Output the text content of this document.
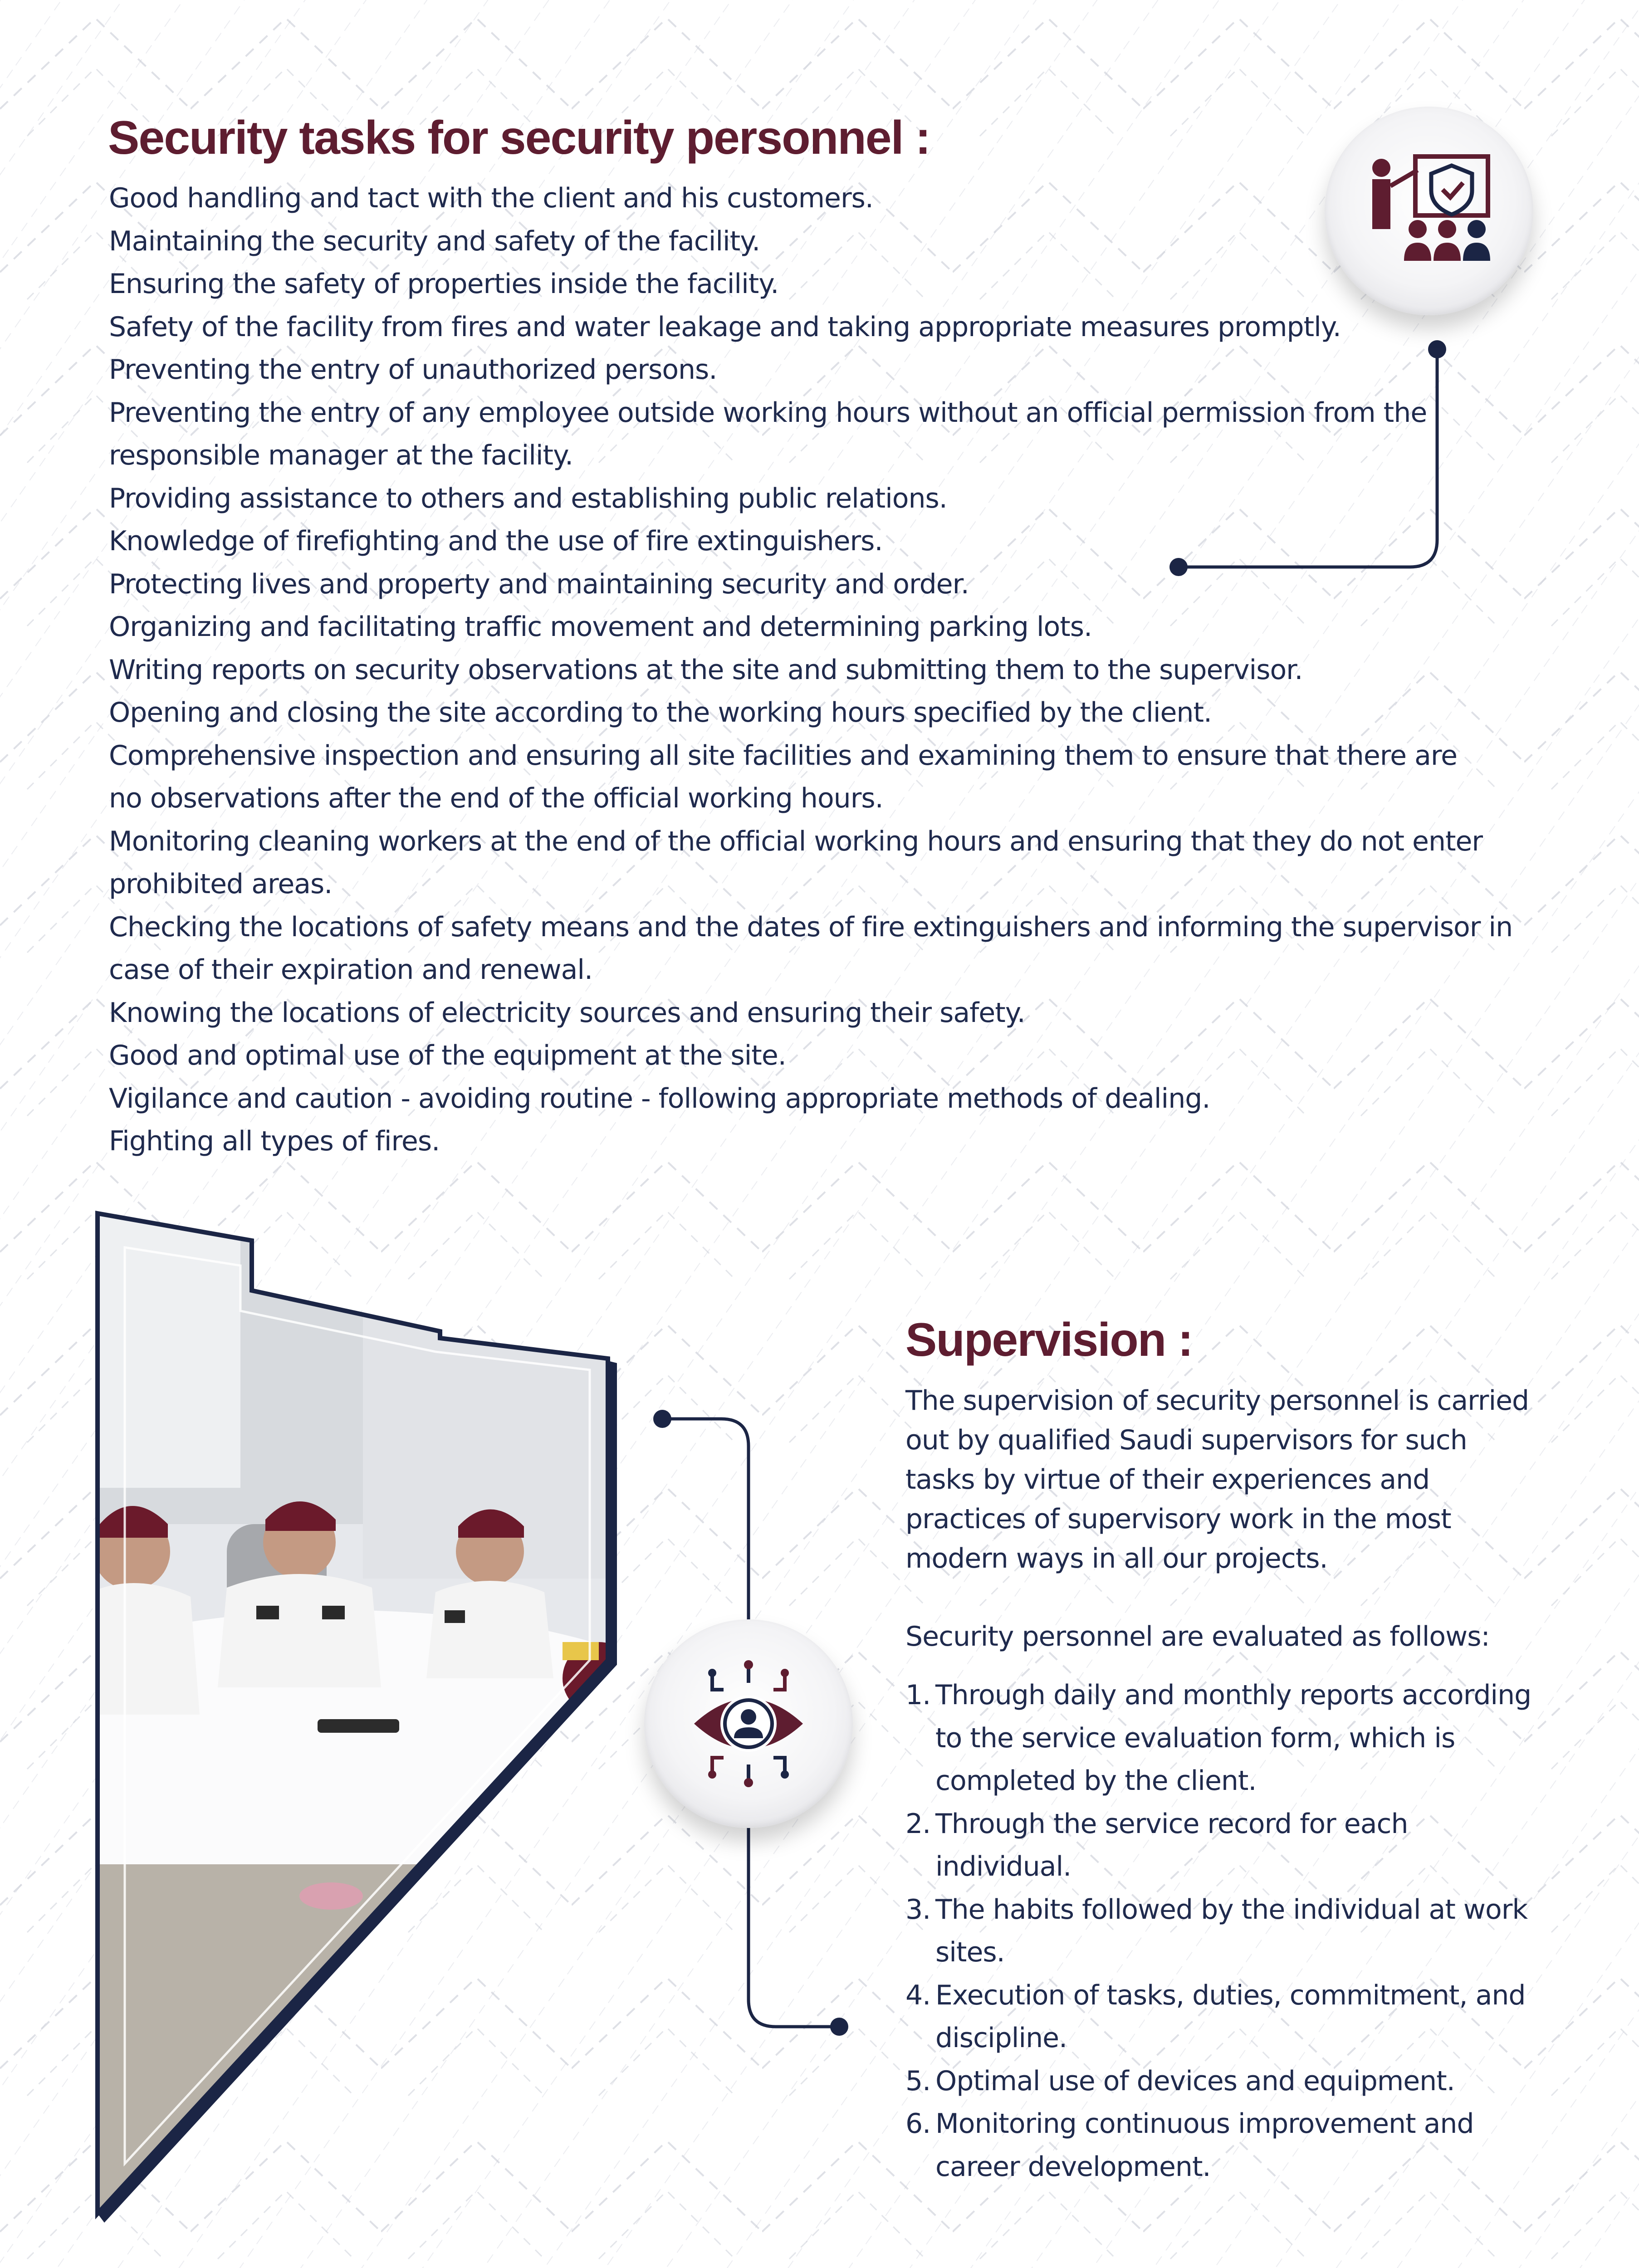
Security tasks for security personnel :
Good handling and tact with the client and his customers.
Maintaining the security and safety of the facility.
Ensuring the safety of properties inside the facility.
Safety of the facility from fires and water leakage and taking appropriate measures promptly.
Preventing the entry of unauthorized persons.
Preventing the entry of any employee outside working hours without an official permission from the responsible manager at the facility.
Providing assistance to others and establishing public relations.
Knowledge of firefighting and the use of fire extinguishers.
Protecting lives and property and maintaining security and order.
Organizing and facilitating traffic movement and determining parking lots.
Writing reports on security observations at the site and submitting them to the supervisor.
Opening and closing the site according to the working hours specified by the client.
Comprehensive inspection and ensuring all site facilities and examining them to ensure that there are no observations after the end of the official working hours.
Monitoring cleaning workers at the end of the official working hours and ensuring that they do not enter prohibited areas.
Checking the locations of safety means and the dates of fire extinguishers and informing the supervisor in case of their expiration and renewal.
Knowing the locations of electricity sources and ensuring their safety.
Good and optimal use of the equipment at the site.
Vigilance and caution - avoiding routine - following appropriate methods of dealing.
Fighting all types of fires.
Supervision :

The supervision of security personnel is carried out by qualified Saudi supervisors for such tasks by virtue of their experiences and practices of supervisory work in the most modern ways in all our projects.

Security personnel are evaluated as follows:

1. Through daily and monthly reports according to the service evaluation form, which is completed by the client.
2. Through the service record for each individual.
3. The habits followed by the individual at work sites.
4. Execution of tasks, duties, commitment, and discipline.
5. Optimal use of devices and equipment.
6. Monitoring continuous improvement and career development.
